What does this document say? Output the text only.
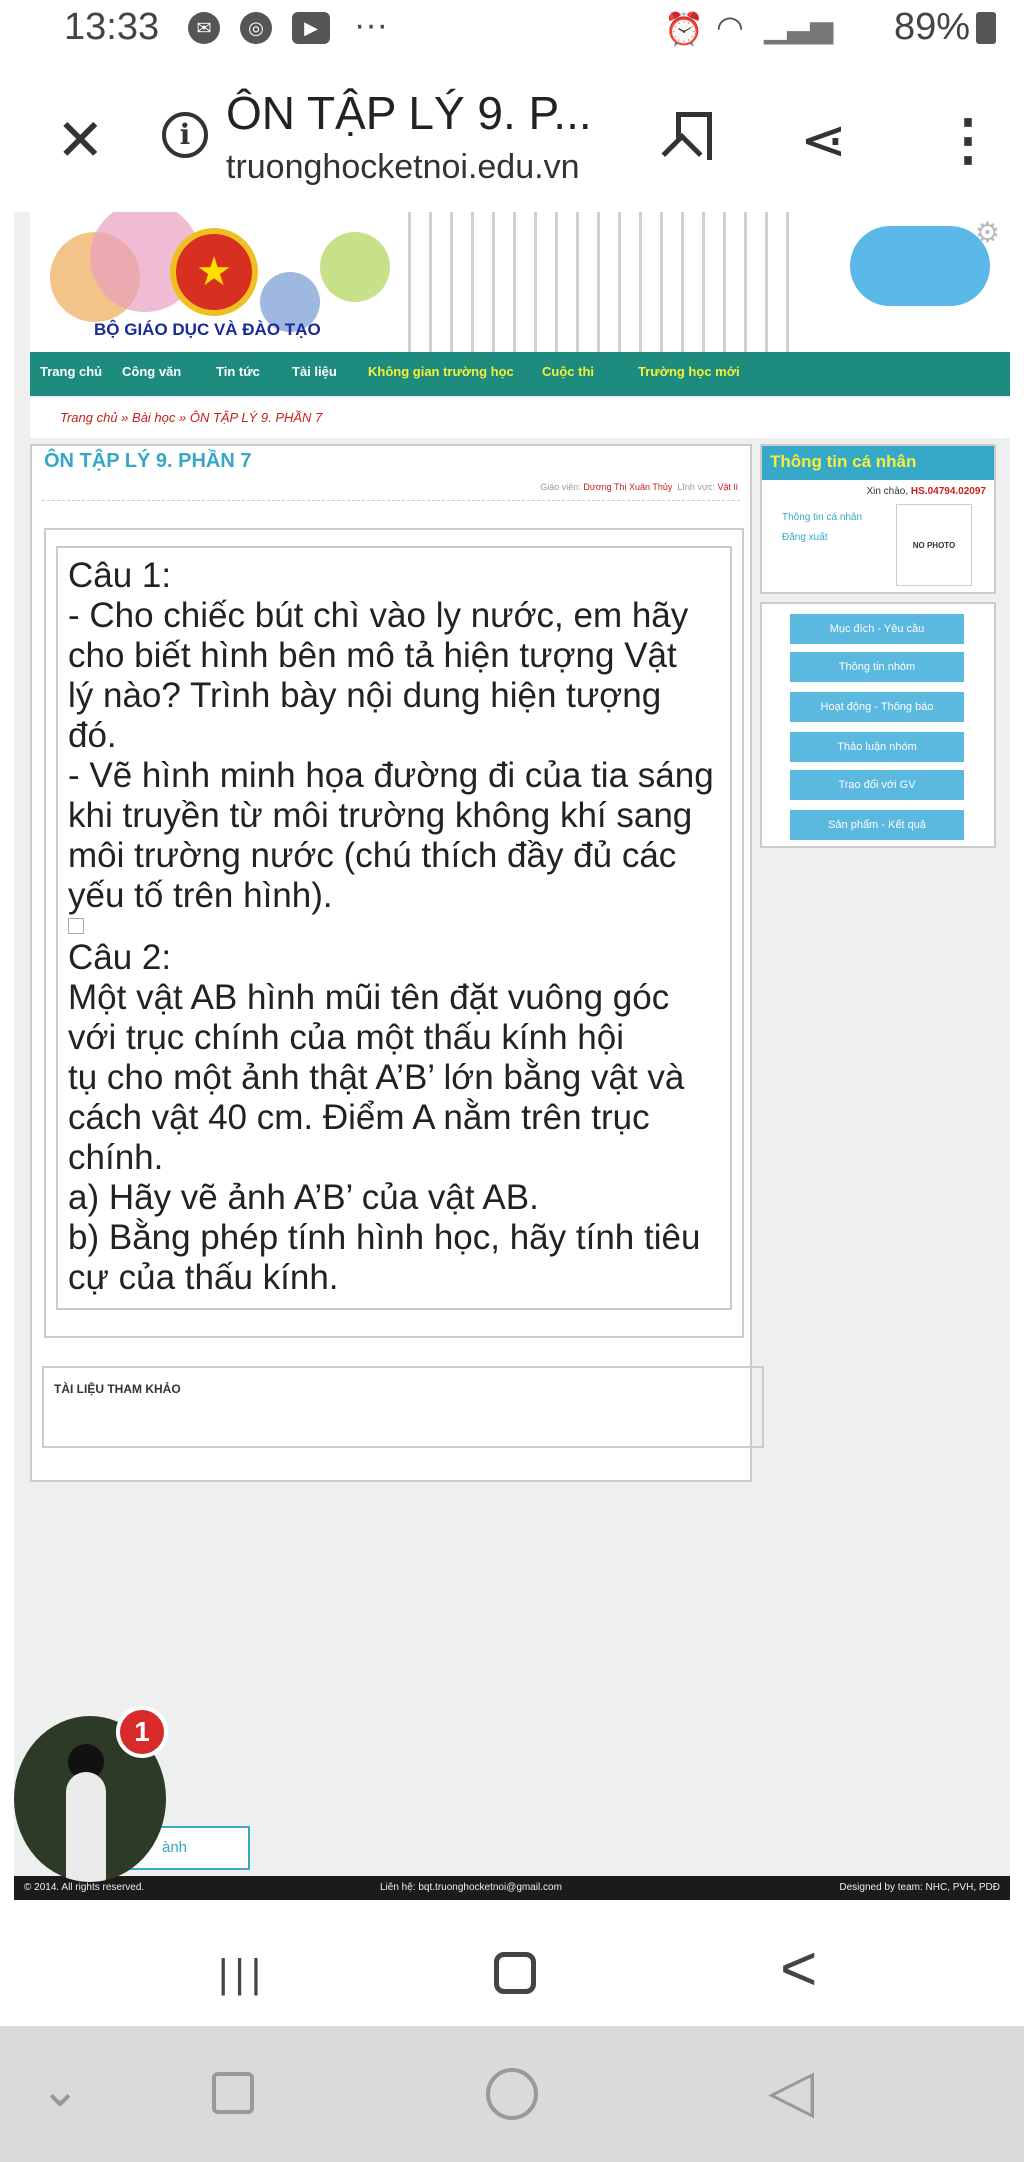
13:33	✉	◎	▶	···	⏰ ◠ ▁▃▅ 89%
✕	i ÔN TẬP LÝ 9. P...
truonghocketnoi.edu.vn	⋖ ⋮
★
BỘ GIÁO DỤC VÀ ĐÀO TẠO
⚙
Trang chủ Công văn	Tin tức Tài liệu Không gian trường học Cuộc thi	Trường học mới
Trang chủ » Bài học » ÔN TẬP LÝ 9. PHẦN 7
ÔN TẬP LÝ 9. PHẦN 7
Giáo viên: Dương Thị Xuân Thủy Lĩnh vực: Vật lí
Câu 1:
- Cho chiếc bút chì vào ly nước, em hãy
cho biết hình bên mô tả hiện tượng Vật
lý nào? Trình bày nội dung hiện tượng
đó.
- Vẽ hình minh họa đường đi của tia sáng
khi truyền từ môi trường không khí sang
môi trường nước (chú thích đầy đủ các
yếu tố trên hình).
Câu 2:
Một vật AB hình mũi tên đặt vuông góc
với trục chính của một thấu kính hội
tụ cho một ảnh thật A’B’ lớn bằng vật và
cách vật 40 cm. Điểm A nằm trên trục
chính.
a) Hãy vẽ ảnh A’B’ của vật AB.
b) Bằng phép tính hình học, hãy tính tiêu
cự của thấu kính.
TÀI LIỆU THAM KHẢO
Thông tin cá nhân
Xin chào, HS.04794.02097
Thông tin cá nhân
Đăng xuất
NO PHOTO
Mục đích - Yêu cầu
Thông tin nhóm
Hoạt động - Thông báo
Thảo luận nhóm
Trao đổi với GV
Sản phẩm - Kết quả
ành
© 2014. All rights reserved.	Liên hệ: bqt.truonghocketnoi@gmail.com	Designed by team: NHC, PVH, PDĐ
1
|||	<
⌄	◁
